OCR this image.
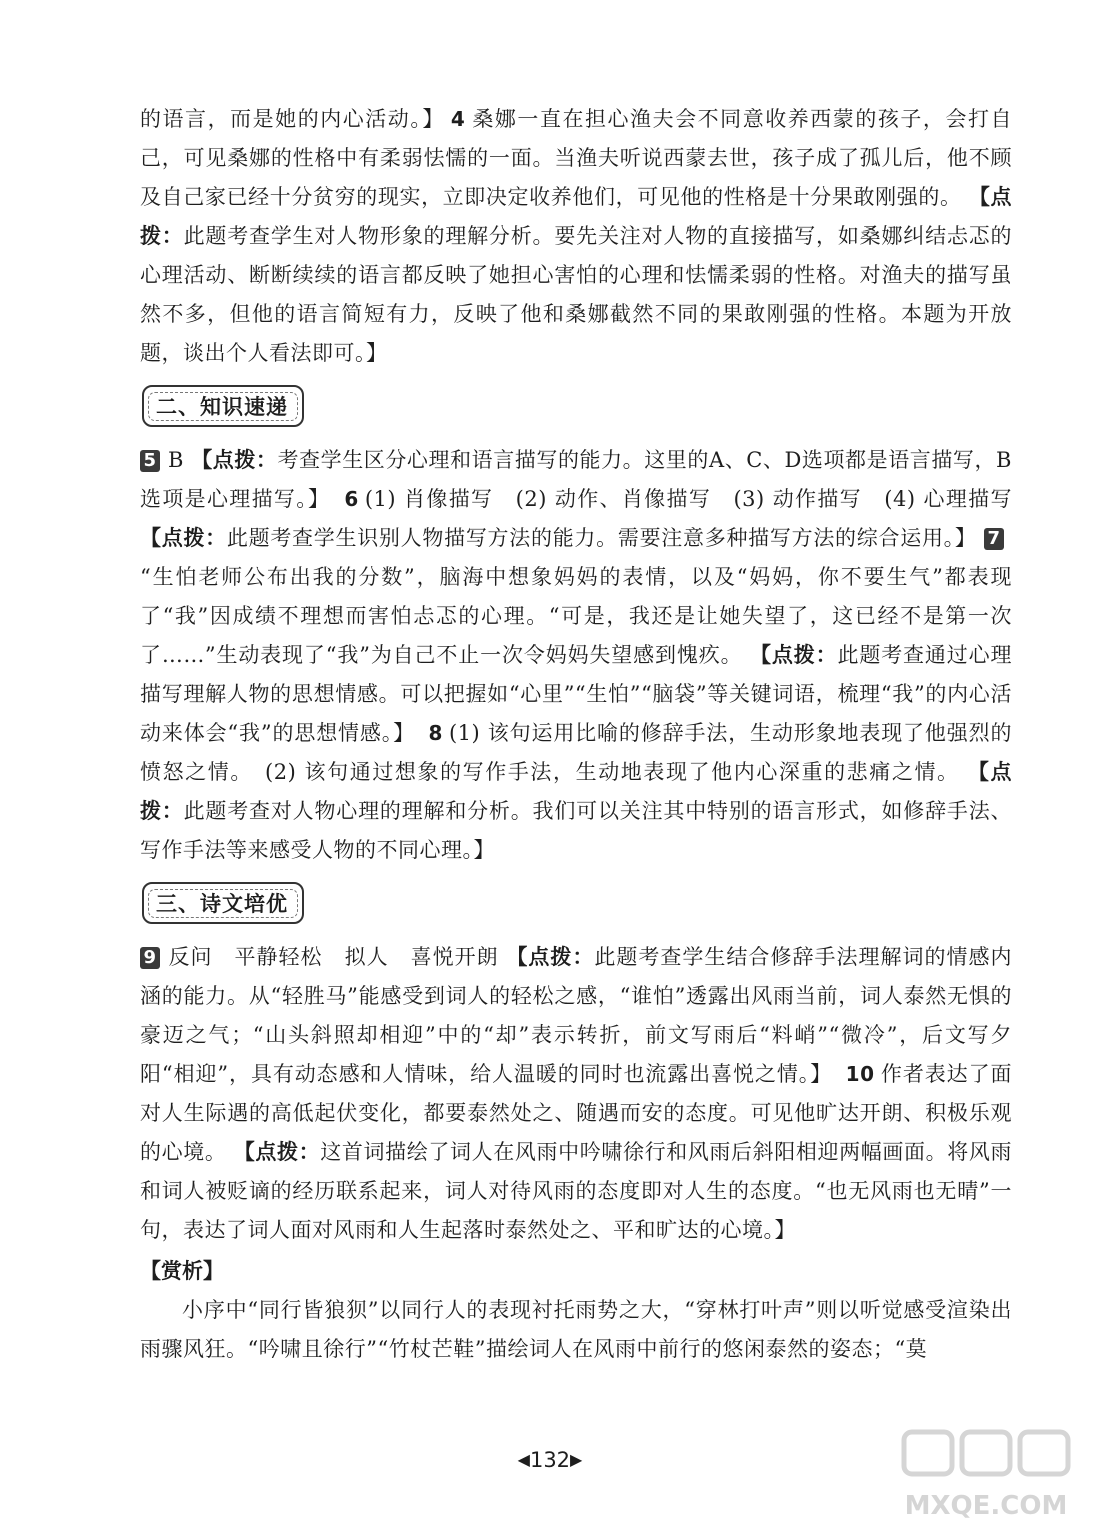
的语言，而是她的内心活动。】 4 桑娜一直在担心渔夫会不同意收养西蒙的孩子，会打自己，可见桑娜的性格中有柔弱怯懦的一面。当渔夫听说西蒙去世，孩子成了孤儿后，他不顾及自己家已经十分贫穷的现实，立即决定收养他们，可见他的性格是十分果敢刚强的。 【点拨：此题考查学生对人物形象的理解分析。要先关注对人物的直接描写，如桑娜纠结忐忑的心理活动、断断续续的语言都反映了她担心害怕的心理和怯懦柔弱的性格。对渔夫的描写虽然不多，但他的语言简短有力，反映了他和桑娜截然不同的果敢刚强的性格。本题为开放题，谈出个人看法即可。】

二、知识速递

5 B 【点拨：考查学生区分心理和语言描写的能力。这里的A、C、D选项都是语言描写，B选项是心理描写。】 6 (1) 肖像描写　(2) 动作、肖像描写　(3) 动作描写　(4) 心理描写 【点拨：此题考查学生识别人物描写方法的能力。需要注意多种描写方法的综合运用。】 7“生怕老师公布出我的分数”，脑海中想象妈妈的表情，以及“妈妈，你不要生气”都表现了“我”因成绩不理想而害怕忐忑的心理。“可是，我还是让她失望了，这已经不是第一次了……”生动表现了“我”为自己不止一次令妈妈失望感到愧疚。 【点拨：此题考查通过心理描写理解人物的思想情感。可以把握如“心里”“生怕”“脑袋”等关键词语，梳理“我”的内心活动来体会“我”的思想情感。】 8 (1) 该句运用比喻的修辞手法，生动形象地表现了他强烈的愤怒之情。　(2) 该句通过想象的写作手法，生动地表现了他内心深重的悲痛之情。 【点拨：此题考查对人物心理的理解和分析。我们可以关注其中特别的语言形式，如修辞手法、写作手法等来感受人物的不同心理。】

三、诗文培优

9 反问　平静轻松　拟人　喜悦开朗 【点拨：此题考查学生结合修辞手法理解词的情感内涵的能力。从“轻胜马”能感受到词人的轻松之感，“谁怕”透露出风雨当前，词人泰然无惧的豪迈之气；“山头斜照却相迎”中的“却”表示转折，前文写雨后“料峭”“微冷”，后文写夕阳“相迎”，具有动态感和人情味，给人温暖的同时也流露出喜悦之情。】 10 作者表达了面对人生际遇的高低起伏变化，都要泰然处之、随遇而安的态度。可见他旷达开朗、积极乐观的心境。 【点拨：这首词描绘了词人在风雨中吟啸徐行和风雨后斜阳相迎两幅画面。将风雨和词人被贬谪的经历联系起来，词人对待风雨的态度即对人生的态度。“也无风雨也无晴”一句，表达了词人面对风雨和人生起落时泰然处之、平和旷达的心境。】

【赏析】

小序中“同行皆狼狈”以同行人的表现衬托雨势之大，“穿林打叶声”则以听觉感受渲染出雨骤风狂。“吟啸且徐行”“竹杖芒鞋”描绘词人在风雨中前行的悠闲泰然的姿态；“莫

◀132▶
MXQE.COM
